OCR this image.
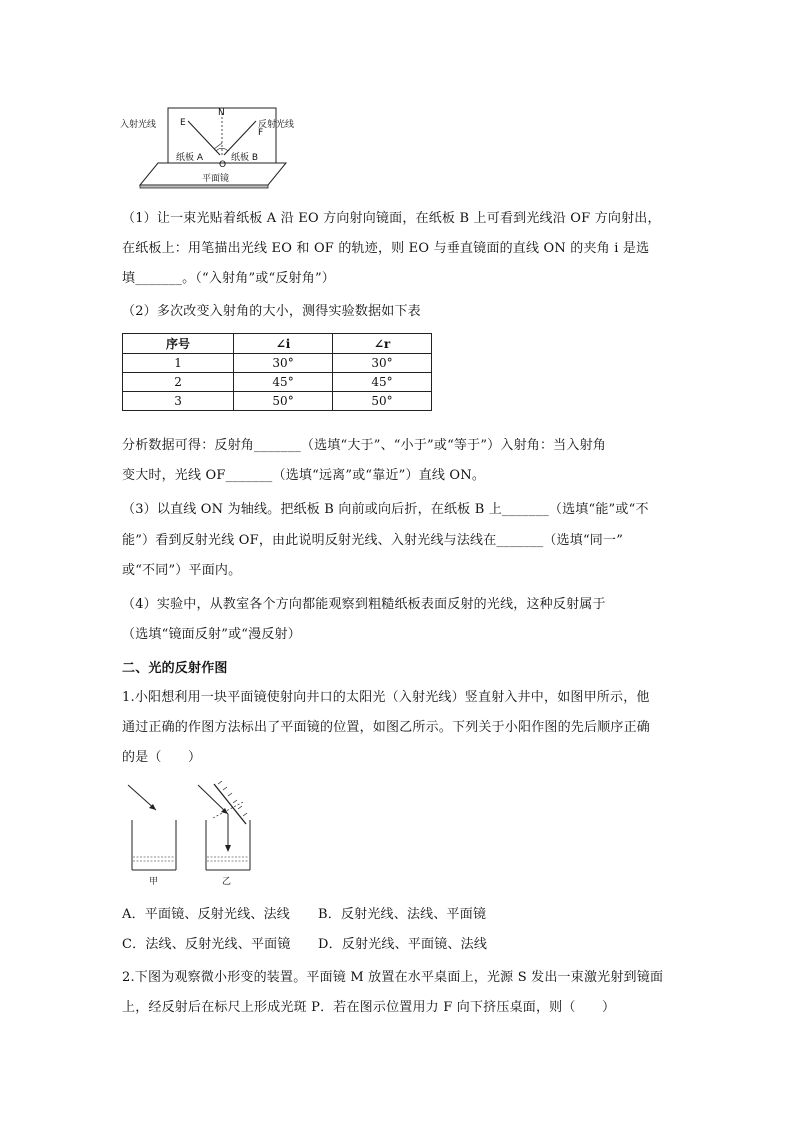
入射光线	反射光线
N
E
F
O
纸板 A	纸板 B
平面镜
（1）让一束光贴着纸板 A 沿 EO 方向射向镜面，在纸板 B 上可看到光线沿 OF 方向射出，
在纸板上：用笔描出光线 EO 和 OF 的轨迹，则 EO 与垂直镜面的直线 ON 的夹角 i 是选
填_______。（“入射角”或“反射角”）
（2）多次改变入射角的大小，测得实验数据如下表
序号	∠i	∠r
1	30°	30°
2	45°	45°
3	50°	50°
分析数据可得：反射角_______（选填“大于”、“小于”或“等于”）入射角：当入射角
变大时，光线 OF_______（选填“远离”或“靠近”）直线 ON。
（3）以直线 ON 为轴线。把纸板 B 向前或向后折，在纸板 B 上_______（选填“能”或“不
能”）看到反射光线 OF，由此说明反射光线、入射光线与法线在_______（选填“同一”
或“不同”）平面内。
（4）实验中，从教室各个方向都能观察到粗糙纸板表面反射的光线，这种反射属于
（选填“镜面反射”或“漫反射）
二、光的反射作图
1.小阳想利用一块平面镜使射向井口的太阳光（入射光线）竖直射入井中，如图甲所示，他
通过正确的作图方法标出了平面镜的位置，如图乙所示。下列关于小阳作图的先后顺序正确
的是（　　）
甲	乙
A．平面镜、反射光线、法线 B．反射光线、法线、平面镜
C．法线、反射光线、平面镜 D．反射光线、平面镜、法线
2.下图为观察微小形变的装置。平面镜 M 放置在水平桌面上，光源 S 发出一束激光射到镜面
上，经反射后在标尺上形成光斑 P．若在图示位置用力 F 向下挤压桌面，则（　　）
